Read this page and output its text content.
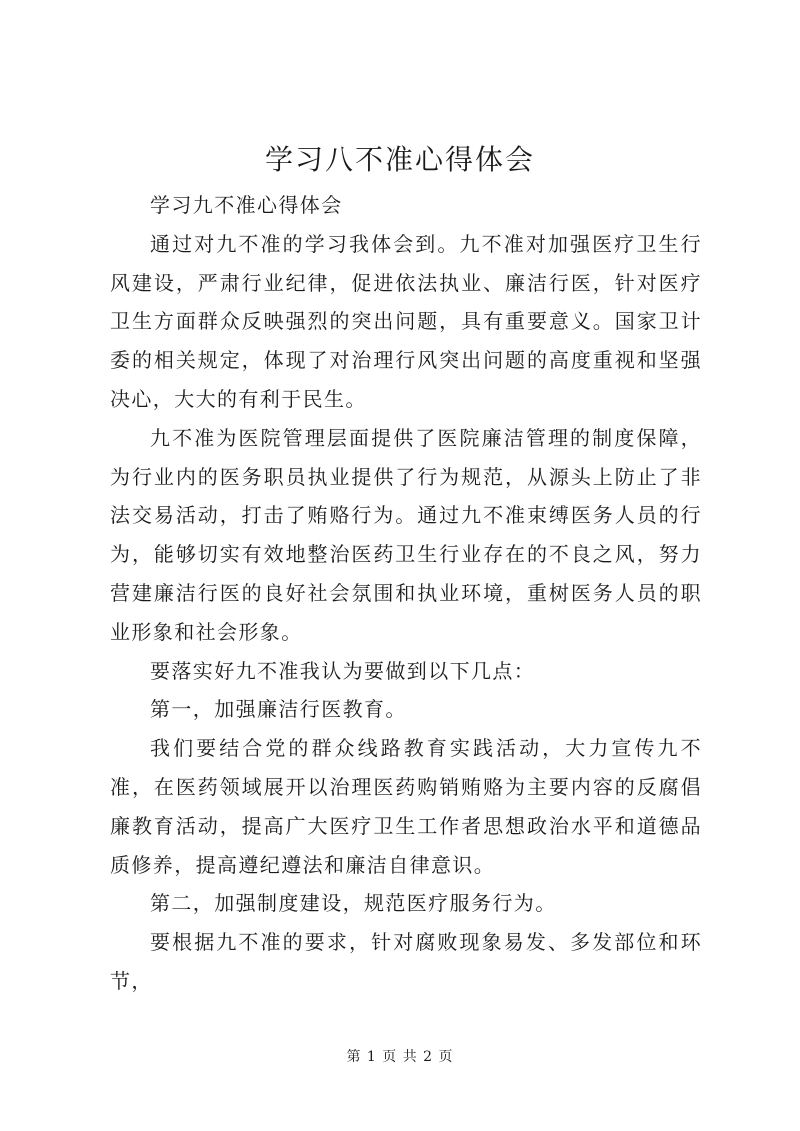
学习八不准心得体会

学习九不准心得体会

通过对九不准的学习我体会到。九不准对加强医疗卫生行风建设，严肃行业纪律，促进依法执业、廉洁行医，针对医疗卫生方面群众反映强烈的突出问题，具有重要意义。国家卫计委的相关规定，体现了对治理行风突出问题的高度重视和坚强决心，大大的有利于民生。

九不准为医院管理层面提供了医院廉洁管理的制度保障，为行业内的医务职员执业提供了行为规范，从源头上防止了非法交易活动，打击了贿赂行为。通过九不准束缚医务人员的行为，能够切实有效地整治医药卫生行业存在的不良之风，努力营建廉洁行医的良好社会氛围和执业环境，重树医务人员的职业形象和社会形象。

要落实好九不准我认为要做到以下几点：

第一，加强廉洁行医教育。

我们要结合党的群众线路教育实践活动，大力宣传九不准，在医药领域展开以治理医药购销贿赂为主要内容的反腐倡廉教育活动，提高广大医疗卫生工作者思想政治水平和道德品质修养，提高遵纪遵法和廉洁自律意识。

第二，加强制度建设，规范医疗服务行为。

要根据九不准的要求，针对腐败现象易发、多发部位和环节，

第 1 页 共 2 页
